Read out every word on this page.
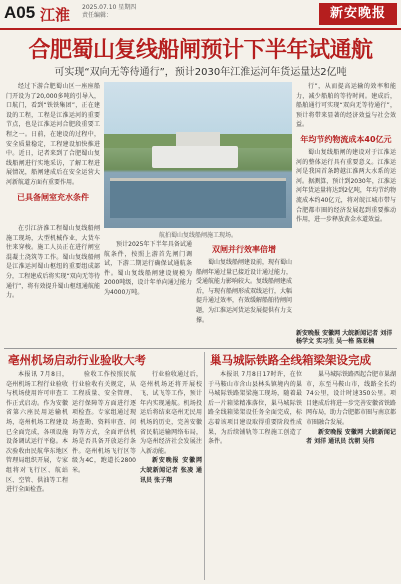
A05 江淮 2025.07.10 星期四
责任编辑：	新安晚报
合肥蜀山复线船闸预计下半年试通航
可实现“双向无等待通行”，预计2030年江淮运河年货运量达2亿吨

经过下游合肥蜀山区一座座船门开设为了20,000多吨的引导入，口航门，看到“铁铁集团”，正在建设的工程，工程是江淮运河的重要节点，也是江淮运河合肥段重要工程之一。日前，在建设的过程中，安全质量稳定，工程建设加快推进中。近日，记者来到了合肥蜀山复线船闸进行实地采访，了解工程进展情况，船闸建成后在安全运营大河新航道方面有重要作用。

已具备闸室充水条件

在引江济淮工程蜀山复线船闸施工现场，大型机械作业，大货车往来穿梭。施工人员正在进行闸室混凝土浇筑等工作。蜀山复线船闸是江淮运河蜀山枢纽的重要组成部分，工程建成后将实现“双向无等待通行”，将有效提升蜀山枢纽通航能力。

航拍蜀山复线船闸施工现场。

预计2025年下半年具备试通航条件，按照上游首先闸门调试，下游二期运行确保试通航条件。蜀山复线船闸建设规模为2000吨级，设计年单向通过能力为4000万吨。

双闸并行效率倍增

蜀山复线船闸建设前，现有蜀山船闸年通过量已接近设计通过能力，受通航能力影响较大。复线船闸建成后，与现有船闸形成双线运行，大幅提升通过效率，有效缓解船舶待闸问题，为江淮运河货运发展提供有力支撑。

行”，从而提高运输的效率和能力，减少船舶的等待时间。建成后，船舶通行可实现“双向无等待通行”，预计将带来显著的经济效益与社会效益。

年均节约物流成本40亿元

蜀山复线船闸的建设对于江淮运河的整体运行具有重要意义。江淮运河是我国首条跨越江淮两大水系的运河。据测算，预计到2030年，江淮运河年货运量将达到2亿吨，年均节约物流成本约40亿元，将对皖江城市带与合肥都市圈的经济发展起到重要推动作用，进一步释放黄金水道效益。

新安晚报 安徽网 大皖新闻记者 刘洋 杨学文 实习生 吴一格 陈亚楠
亳州机场启动行业验收大考

本报讯 7月8日，亳州机场工程行业验收与机场使用许可审查工作正式启动。作为安徽省第六座民用运输机场，亳州机场工程建设已全面完成，各项设施设备调试运行平稳。本次验收由民航华东地区管理局组织开展，专家组将对飞行区、航站区、空管、供油等工程进行全面检查。

验收工作按照民航行业验收有关规定，从工程质量、安全管理、运行保障等方面进行逐项检查。专家组通过现场查勘、资料审查、问询等方式，全面评估机场是否具备开放运行条件。亳州机场飞行区等级为4C，跑道长2800米。

行业验收通过后，亳州机场还将开展校飞、试飞等工作，预计年内实现通航。机场投运后将结束亳州无民用机场的历史，完善安徽省民航运输网络布局，为亳州经济社会发展注入新动能。

新安晚报 安徽网 大皖新闻记者 张凌 通讯员 张子翔

巢马城际铁路全线箱梁架设完成

本报讯 7月8日17时许，在位于马鞍山市含山县林头镇境内的巢马城际铁路架梁施工现场，随着最后一片箱梁精准落位，巢马城际铁路全线箱梁架设任务全面完成，标志着该项目建设取得重要阶段性成果，为后续铺轨等工程施工创造了条件。

巢马城际铁路西起合肥市巢湖市，东至马鞍山市，线路全长约74公里，设计时速350公里。项目建成后将进一步完善安徽省铁路网布局，助力合肥都市圈与南京都市圈融合发展。

新安晚报 安徽网 大皖新闻记者 刘洋 通讯员 沈朝 吴伟
